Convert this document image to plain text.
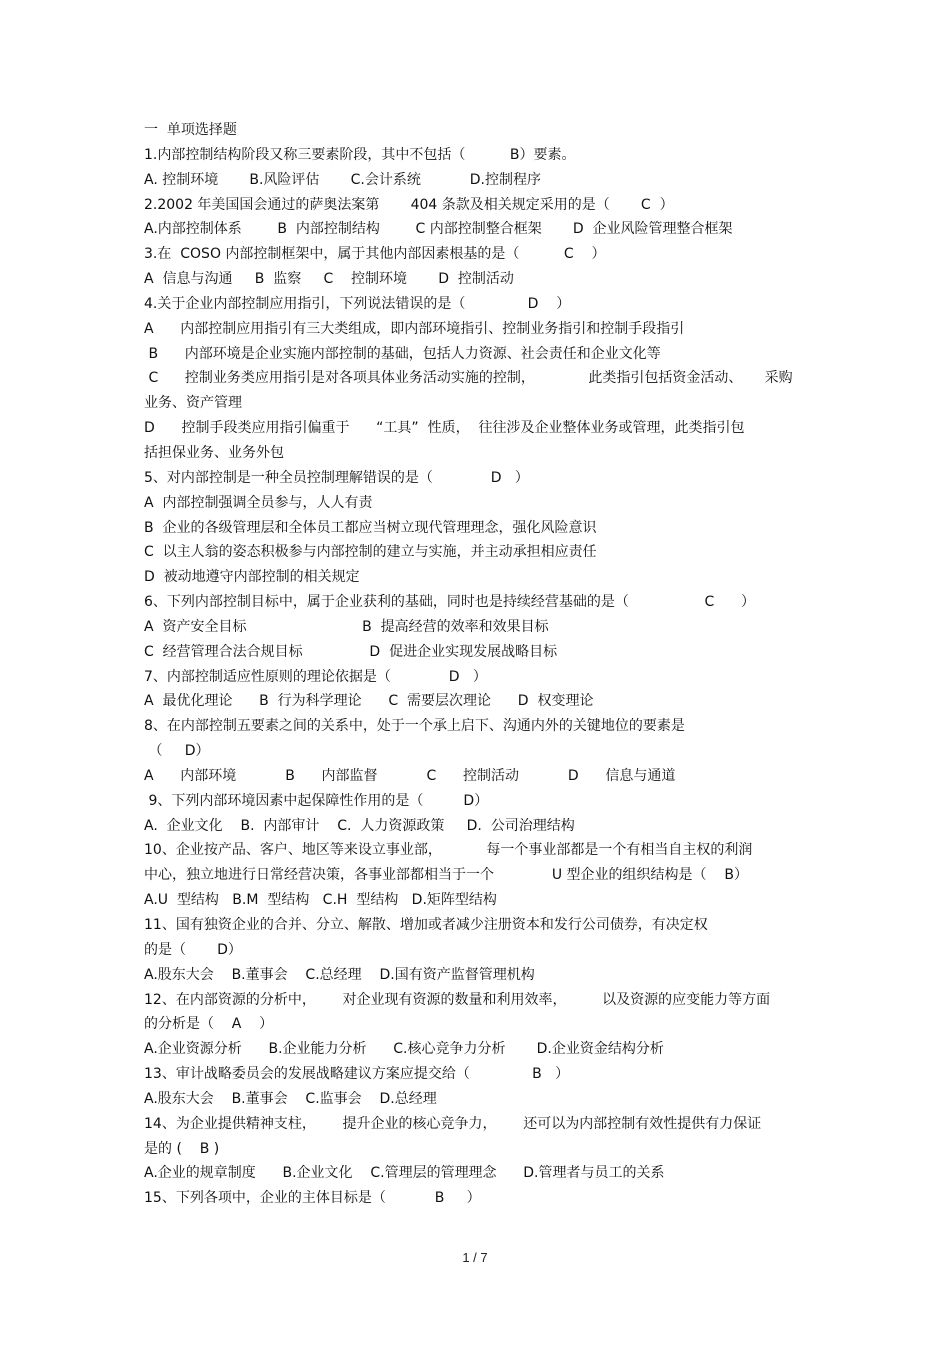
一  单项选择题
1.内部控制结构阶段又称三要素阶段，其中不包括（          B）要素。
A. 控制环境       B.风险评估       C.会计系统           D.控制程序
2.2002 年美国国会通过的萨奥法案第       404 条款及相关规定采用的是（       C  ）
A.内部控制体系        B  内部控制结构        C 内部控制整合框架       D  企业风险管理整合框架
3.在  COSO 内部控制框架中，属于其他内部因素根基的是（          C    ）
A  信息与沟通     B  监察     C    控制环境       D  控制活动
4.关于企业内部控制应用指引，下列说法错误的是（              D    ）
A      内部控制应用指引有三大类组成，即内部环境指引、控制业务指引和控制手段指引
B      内部环境是企业实施内部控制的基础，包括人力资源、社会责任和企业文化等
C      控制业务类应用指引是对各项具体业务活动实施的控制，            此类指引包括资金活动、     采购
业务、资产管理
D      控制手段类应用指引偏重于      “工具”  性质，  往往涉及企业整体业务或管理，此类指引包
括担保业务、业务外包
5、对内部控制是一种全员控制理解错误的是（             D   ）
A  内部控制强调全员参与，人人有责
B  企业的各级管理层和全体员工都应当树立现代管理理念，强化风险意识
C  以主人翁的姿态积极参与内部控制的建立与实施，并主动承担相应责任
D  被动地遵守内部控制的相关规定
6、下列内部控制目标中，属于企业获利的基础，同时也是持续经营基础的是（                 C      ）
A  资产安全目标                          B  提高经营的效率和效果目标
C  经营管理合法合规目标               D  促进企业实现发展战略目标
7、内部控制适应性原则的理论依据是（             D   ）
A  最优化理论      B  行为科学理论      C  需要层次理论      D  权变理论
8、在内部控制五要素之间的关系中，处于一个承上启下、沟通内外的关键地位的要素是
（     D）
A      内部环境           B      内部监督           C      控制活动           D      信息与通道
9、下列内部环境因素中起保障性作用的是（         D）
A.  企业文化    B.  内部审计    C.  人力资源政策     D.  公司治理结构
10、企业按产品、客户、地区等来设立事业部，          每一个事业部都是一个有相当自主权的利润
中心，独立地进行日常经营决策，各事业部都相当于一个             U 型企业的组织结构是（    B）
A.U  型结构   B.M  型结构   C.H  型结构   D.矩阵型结构
11、国有独资企业的合并、分立、解散、增加或者减少注册资本和发行公司债券，有决定权
的是（       D）
A.股东大会    B.董事会    C.总经理    D.国有资产监督管理机构
12、在内部资源的分析中，      对企业现有资源的数量和利用效率，        以及资源的应变能力等方面
的分析是（    A    ）
A.企业资源分析      B.企业能力分析      C.核心竞争力分析       D.企业资金结构分析
13、审计战略委员会的发展战略建议方案应提交给（              B   ）
A.股东大会    B.董事会    C.监事会    D.总经理
14、为企业提供精神支柱，      提升企业的核心竞争力，      还可以为内部控制有效性提供有力保证
是的 (    B )
A.企业的规章制度      B.企业文化    C.管理层的管理理念      D.管理者与员工的关系
15、下列各项中，企业的主体目标是（           B     ）
1 / 7
